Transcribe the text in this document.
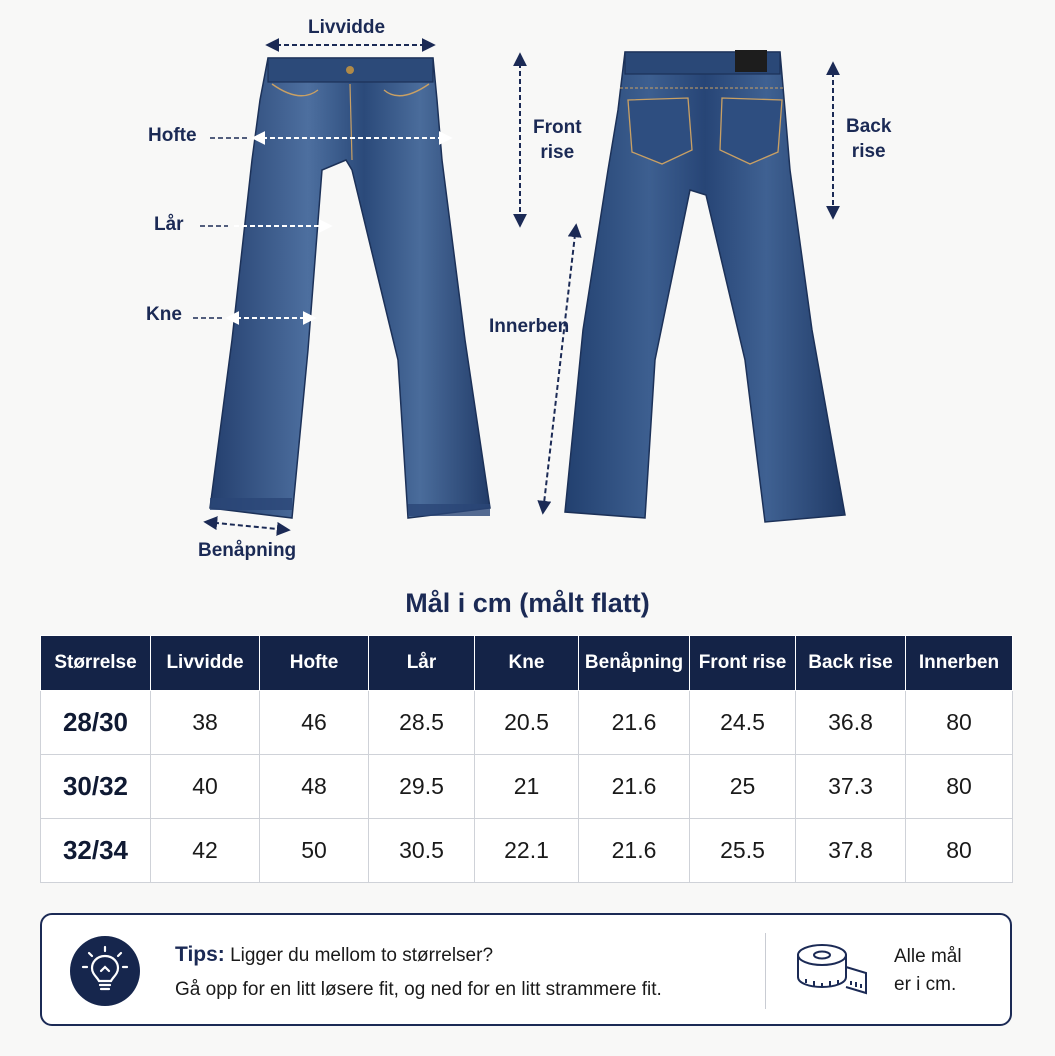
Livvidde
Hofte
Lår
Kne
Benåpning
Front
rise
Back
rise
Innerben
Mål i cm (målt flatt)
Størrelse	Livvidde	Hofte	Lår	Kne	Benåpning	Front rise	Back rise	Innerben
28/30	38	46	28.5	20.5	21.6	24.5	36.8	80
30/32	40	48	29.5	21	21.6	25	37.3	80
32/34	42	50	30.5	22.1	21.6	25.5	37.8	80
Tips: Ligger du mellom to størrelser?
Gå opp for en litt løsere fit, og ned for en litt strammere fit.
Alle mål
er i cm.
